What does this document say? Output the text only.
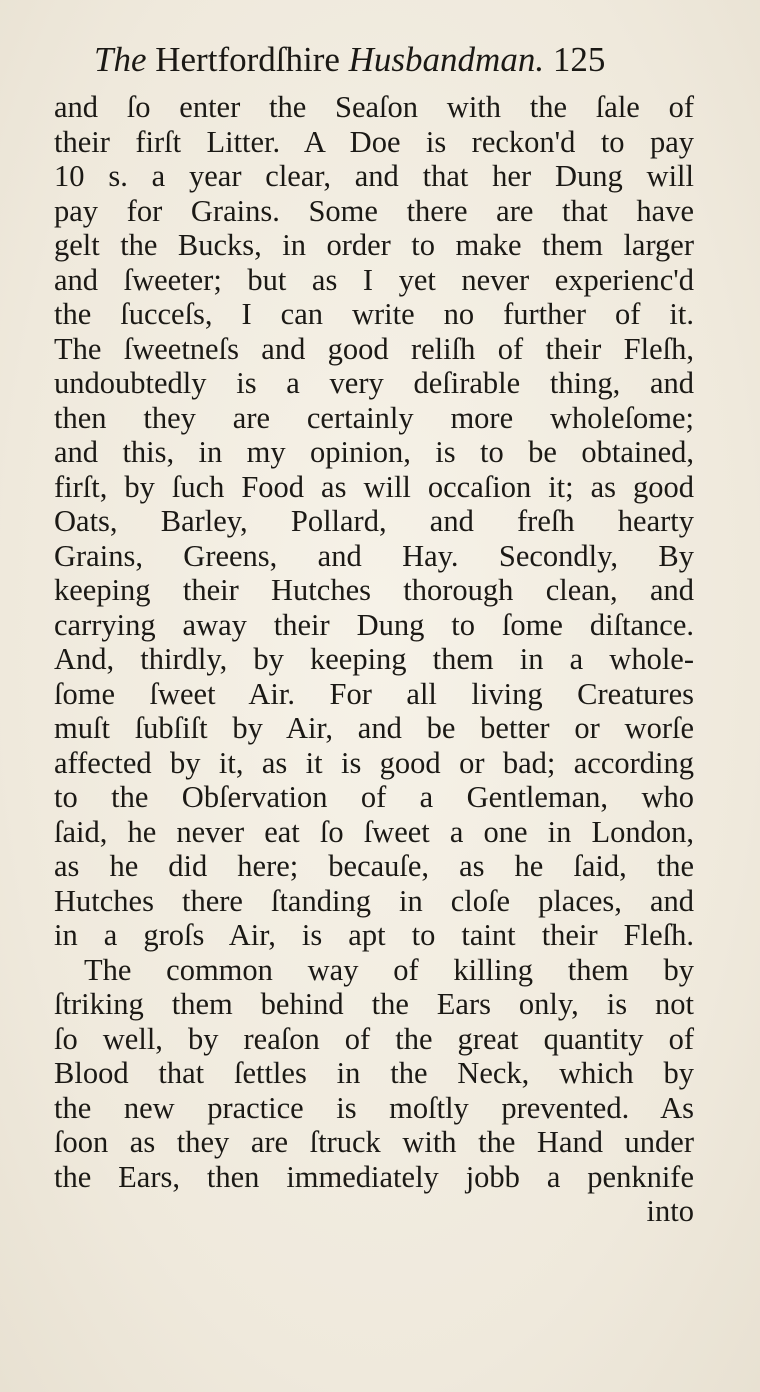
The Hertfordſhire Husbandman. 125
and ſo enter the Seaſon with the ſale of
their firſt Litter. A Doe is reckon'd to pay
10 s. a year clear, and that her Dung will
pay for Grains. Some there are that have
gelt the Bucks, in order to make them larger
and ſweeter; but as I yet never experienc'd
the ſucceſs, I can write no further of it.
The ſweetneſs and good reliſh of their Fleſh,
undoubtedly is a very deſirable thing, and
then they are certainly more wholeſome;
and this, in my opinion, is to be obtained,
firſt, by ſuch Food as will occaſion it; as good
Oats, Barley, Pollard, and freſh hearty
Grains, Greens, and Hay. Secondly, By
keeping their Hutches thorough clean, and
carrying away their Dung to ſome diſtance.
And, thirdly, by keeping them in a whole-
ſome ſweet Air. For all living Creatures
muſt ſubſiſt by Air, and be better or worſe
affected by it, as it is good or bad; according
to the Obſervation of a Gentleman, who
ſaid, he never eat ſo ſweet a one in London,
as he did here; becauſe, as he ſaid, the
Hutches there ſtanding in cloſe places, and
in a groſs Air, is apt to taint their Fleſh.
The common way of killing them by
ſtriking them behind the Ears only, is not
ſo well, by reaſon of the great quantity of
Blood that ſettles in the Neck, which by
the new practice is moſtly prevented. As
ſoon as they are ſtruck with the Hand under
the Ears, then immediately jobb a penknife
into
